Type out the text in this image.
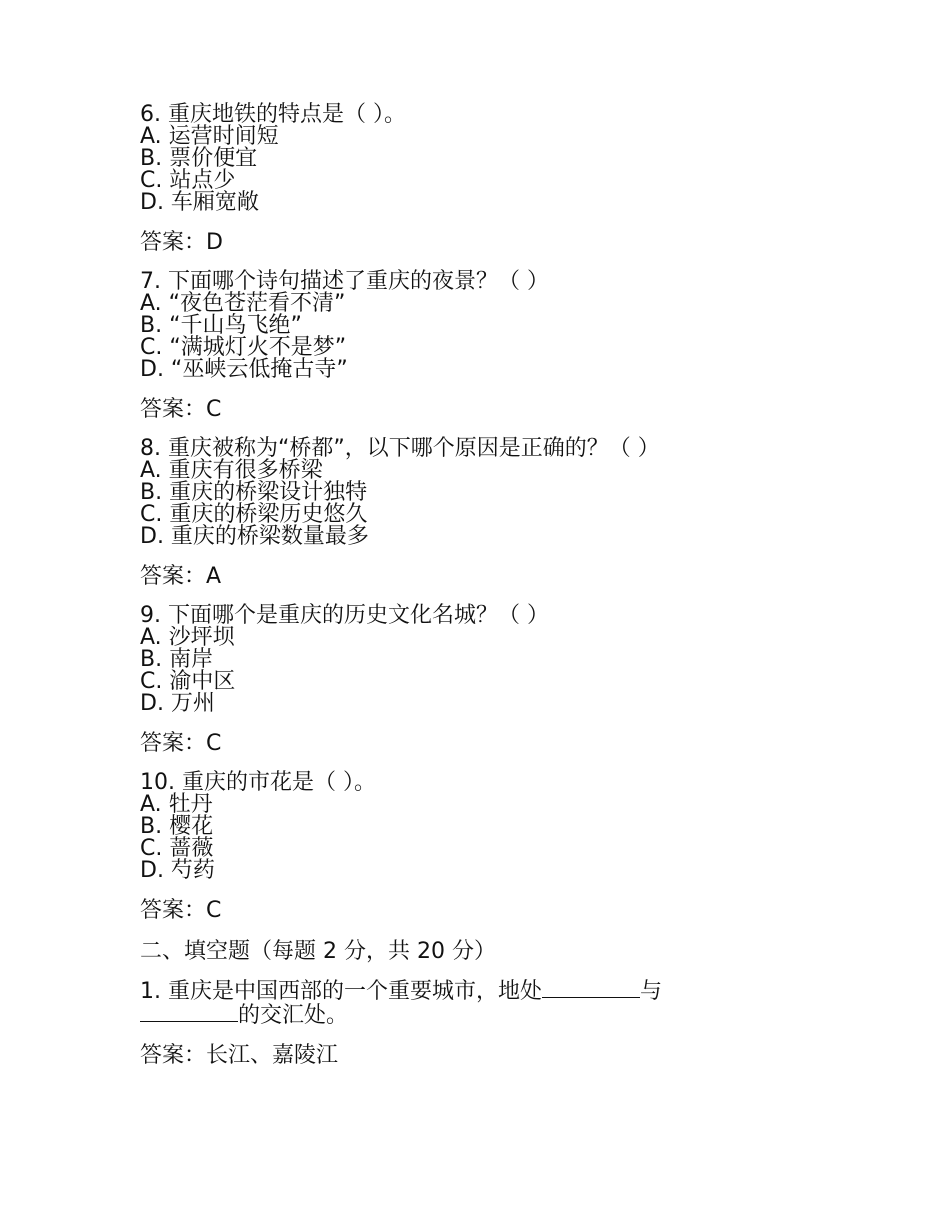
6. 重庆地铁的特点是（ ）。
A. 运营时间短
B. 票价便宜
C. 站点少
D. 车厢宽敞
答案：D
7. 下面哪个诗句描述了重庆的夜景？（ ）
A. “夜色苍茫看不清”
B. “千山鸟飞绝”
C. “满城灯火不是梦”
D. “巫峡云低掩古寺”
答案：C
8. 重庆被称为“桥都”，以下哪个原因是正确的？（ ）
A. 重庆有很多桥梁
B. 重庆的桥梁设计独特
C. 重庆的桥梁历史悠久
D. 重庆的桥梁数量最多
答案：A
9. 下面哪个是重庆的历史文化名城？（ ）
A. 沙坪坝
B. 南岸
C. 渝中区
D. 万州
答案：C
10. 重庆的市花是（ ）。
A. 牡丹
B. 樱花
C. 蔷薇
D. 芍药
答案：C
二、填空题（每题 2 分，共 20 分）
1. 重庆是中国西部的一个重要城市，地处	与的交汇处。
答案：长江、嘉陵江
